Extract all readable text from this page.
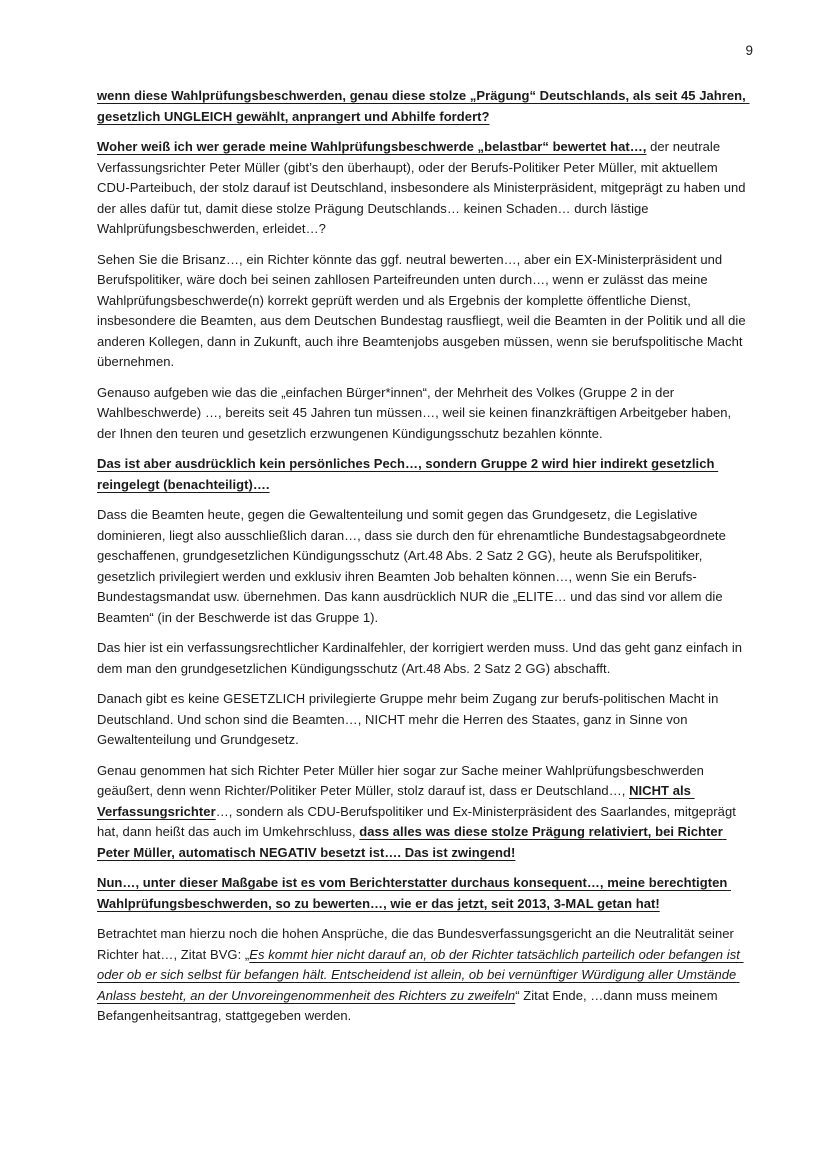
9

wenn diese Wahlprüfungsbeschwerden, genau diese stolze „Prägung“ Deutschlands, als seit 45 Jahren, gesetzlich UNGLEICH gewählt, anprangert und Abhilfe fordert?

Woher weiß ich wer gerade meine Wahlprüfungsbeschwerde „belastbar“ bewertet hat…, der neutrale Verfassungsrichter Peter Müller (gibt’s den überhaupt), oder der Berufs-Politiker Peter Müller, mit aktuellem CDU-Parteibuch, der stolz darauf ist Deutschland, insbesondere als Ministerpräsident, mitgeprägt zu haben und der alles dafür tut, damit diese stolze Prägung Deutschlands… keinen Schaden… durch lästige Wahlprüfungsbeschwerden, erleidet…?

Sehen Sie die Brisanz…, ein Richter könnte das ggf. neutral bewerten…, aber ein EX-Ministerpräsident und Berufspolitiker, wäre doch bei seinen zahllosen Parteifreunden unten durch…, wenn er zulässt das meine Wahlprüfungsbeschwerde(n) korrekt geprüft werden und als Ergebnis der komplette öffentliche Dienst, insbesondere die Beamten, aus dem Deutschen Bundestag rausfliegt, weil die Beamten in der Politik und all die anderen Kollegen, dann in Zukunft, auch ihre Beamtenjobs ausgeben müssen, wenn sie berufspolitische Macht übernehmen.

Genauso aufgeben wie das die „einfachen Bürger*innen“, der Mehrheit des Volkes (Gruppe 2 in der Wahlbeschwerde) …, bereits seit 45 Jahren tun müssen…, weil sie keinen finanzkräftigen Arbeitgeber haben, der Ihnen den teuren und gesetzlich erzwungenen Kündigungsschutz bezahlen könnte.

Das ist aber ausdrücklich kein persönliches Pech…, sondern Gruppe 2 wird hier indirekt gesetzlich reingelegt (benachteiligt)….

Dass die Beamten heute, gegen die Gewaltenteilung und somit gegen das Grundgesetz, die Legislative dominieren, liegt also ausschließlich daran…, dass sie durch den für ehrenamtliche Bundestagsabgeordnete geschaffenen, grundgesetzlichen Kündigungsschutz (Art.48 Abs. 2 Satz 2 GG), heute als Berufspolitiker, gesetzlich privilegiert werden und exklusiv ihren Beamten Job behalten können…, wenn Sie ein Berufs-Bundestagsmandat usw. übernehmen. Das kann ausdrücklich NUR die „ELITE… und das sind vor allem die Beamten“ (in der Beschwerde ist das Gruppe 1).

Das hier ist ein verfassungsrechtlicher Kardinalfehler, der korrigiert werden muss. Und das geht ganz einfach in dem man den grundgesetzlichen Kündigungsschutz (Art.48 Abs. 2 Satz 2 GG) abschafft.

Danach gibt es keine GESETZLICH privilegierte Gruppe mehr beim Zugang zur berufs-politischen Macht in Deutschland. Und schon sind die Beamten…, NICHT mehr die Herren des Staates, ganz in Sinne von Gewaltenteilung und Grundgesetz.

Genau genommen hat sich Richter Peter Müller hier sogar zur Sache meiner Wahlprüfungsbeschwerden geäußert, denn wenn Richter/Politiker Peter Müller, stolz darauf ist, dass er Deutschland…, NICHT als Verfassungsrichter…, sondern als CDU-Berufspolitiker und Ex-Ministerpräsident des Saarlandes, mitgeprägt hat, dann heißt das auch im Umkehrschluss, dass alles was diese stolze Prägung relativiert, bei Richter Peter Müller, automatisch NEGATIV besetzt ist…. Das ist zwingend!

Nun…, unter dieser Maßgabe ist es vom Berichterstatter durchaus konsequent…, meine berechtigten Wahlprüfungsbeschwerden, so zu bewerten…, wie er das jetzt, seit 2013, 3-MAL getan hat!

Betrachtet man hierzu noch die hohen Ansprüche, die das Bundesverfassungsgericht an die Neutralität seiner Richter hat…, Zitat BVG: „Es kommt hier nicht darauf an, ob der Richter tatsächlich parteilich oder befangen ist oder ob er sich selbst für befangen hält. Entscheidend ist allein, ob bei vernünftiger Würdigung aller Umstände Anlass besteht, an der Unvoreingenommenheit des Richters zu zweifeln“ Zitat Ende, …dann muss meinem Befangenheitsantrag, stattgegeben werden.
